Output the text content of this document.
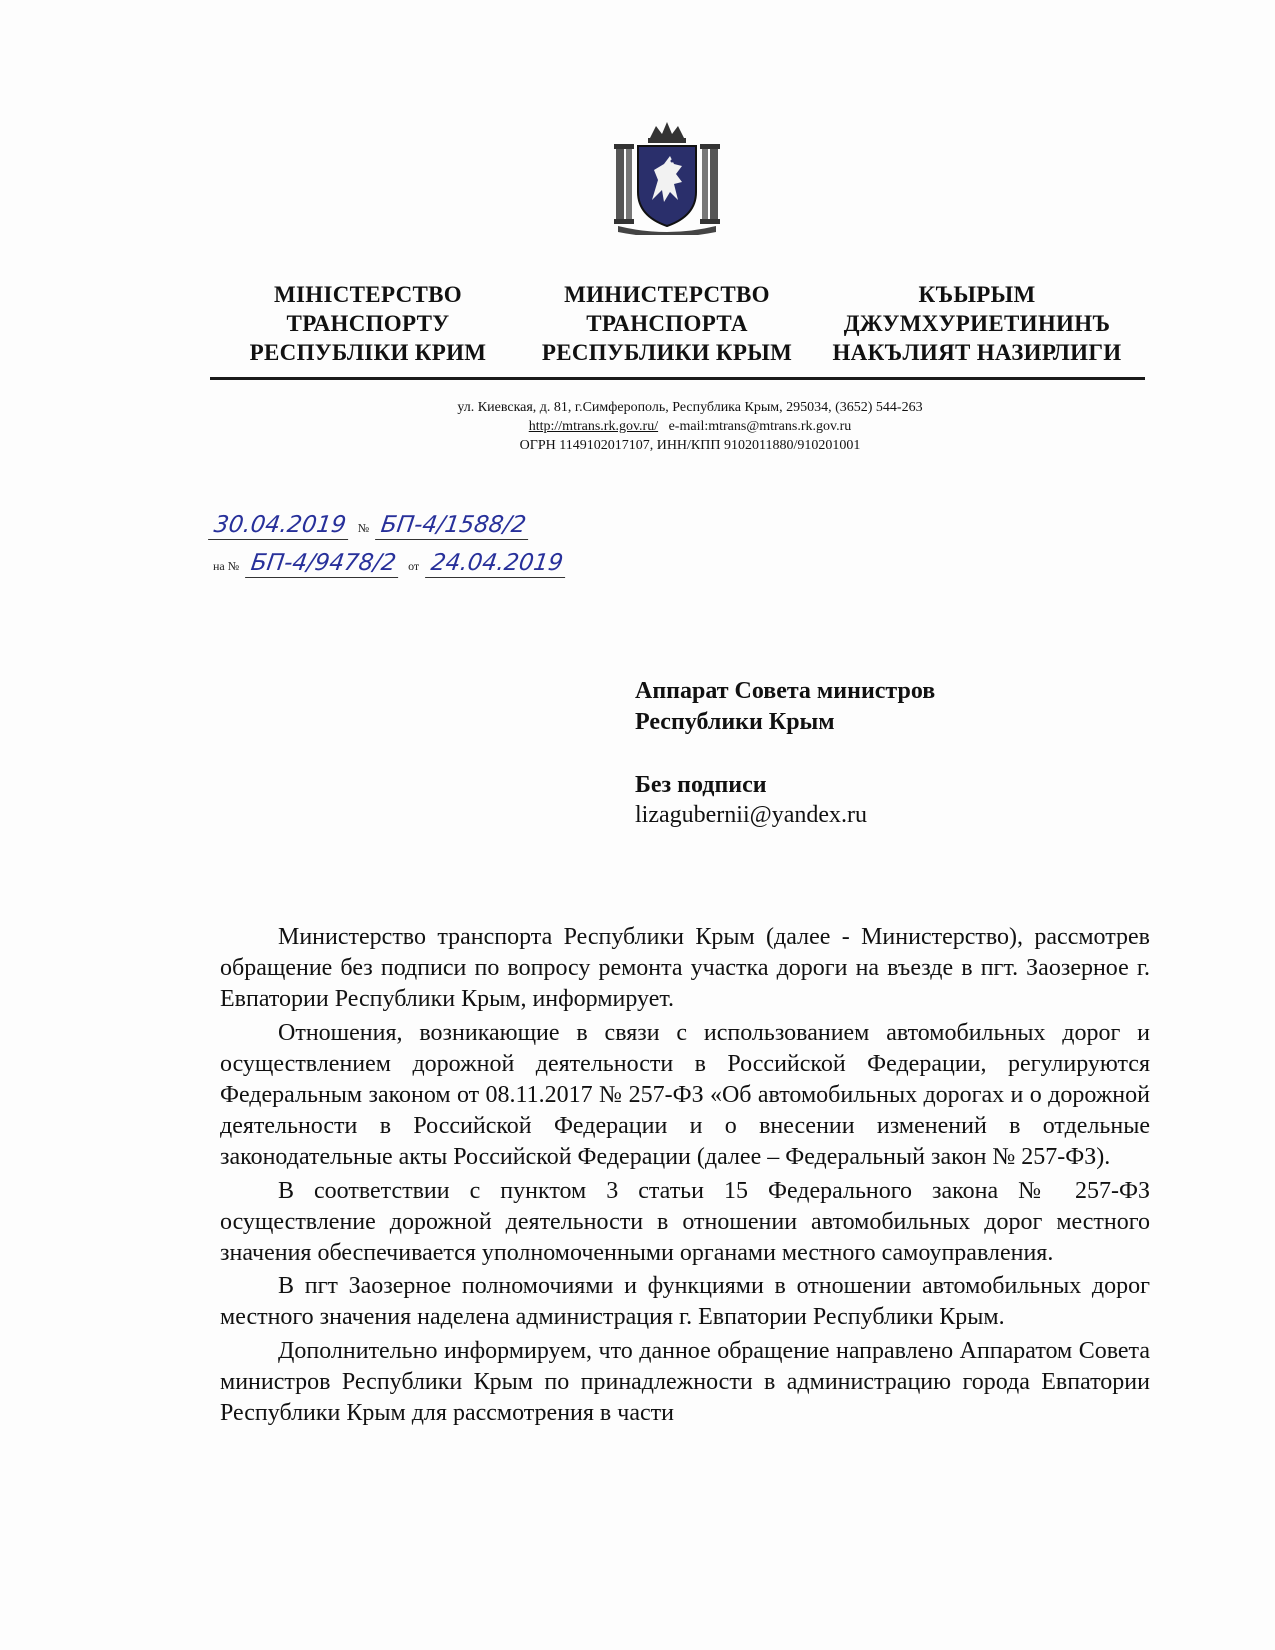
МІНІСТЕРСТВО
ТРАНСПОРТУ
РЕСПУБЛІКИ КРИМ
МИНИСТЕРСТВО
ТРАНСПОРТА
РЕСПУБЛИКИ КРЫМ
КЪЫРЫМ
ДЖУМХУРИЕТИНИНЪ
НАКЪЛИЯТ НАЗИРЛИГИ
ул. Киевская, д. 81, г.Симферополь, Республика Крым, 295034, (3652) 544-263
http://mtrans.rk.gov.ru/ e-mail:mtrans@mtrans.rk.gov.ru
ОГРН 1149102017107, ИНН/КПП 9102011880/910201001
30.04.2019 № БП-4/1588/2
на № БП-4/9478/2 от 24.04.2019
Аппарат Совета министров
Республики Крым
Без подписи
lizagubernii@yandex.ru

Министерство транспорта Республики Крым (далее - Министерство), рассмотрев обращение без подписи по вопросу ремонта участка дороги на въезде в пгт. Заозерное г. Евпатории Республики Крым, информирует.

Отношения, возникающие в связи с использованием автомобильных дорог и осуществлением дорожной деятельности в Российской Федерации, регулируются Федеральным законом от 08.11.2017 № 257-ФЗ «Об автомобильных дорогах и о дорожной деятельности в Российской Федерации и о внесении изменений в отдельные законодательные акты Российской Федерации (далее – Федеральный закон № 257-ФЗ).

В соответствии с пунктом 3 статьи 15 Федерального закона № 257-ФЗ осуществление дорожной деятельности в отношении автомобильных дорог местного значения обеспечивается уполномоченными органами местного самоуправления.

В пгт Заозерное полномочиями и функциями в отношении автомобильных дорог местного значения наделена администрация г. Евпатории Республики Крым.

Дополнительно информируем, что данное обращение направлено Аппаратом Совета министров Республики Крым по принадлежности в администрацию города Евпатории Республики Крым для рассмотрения в части
